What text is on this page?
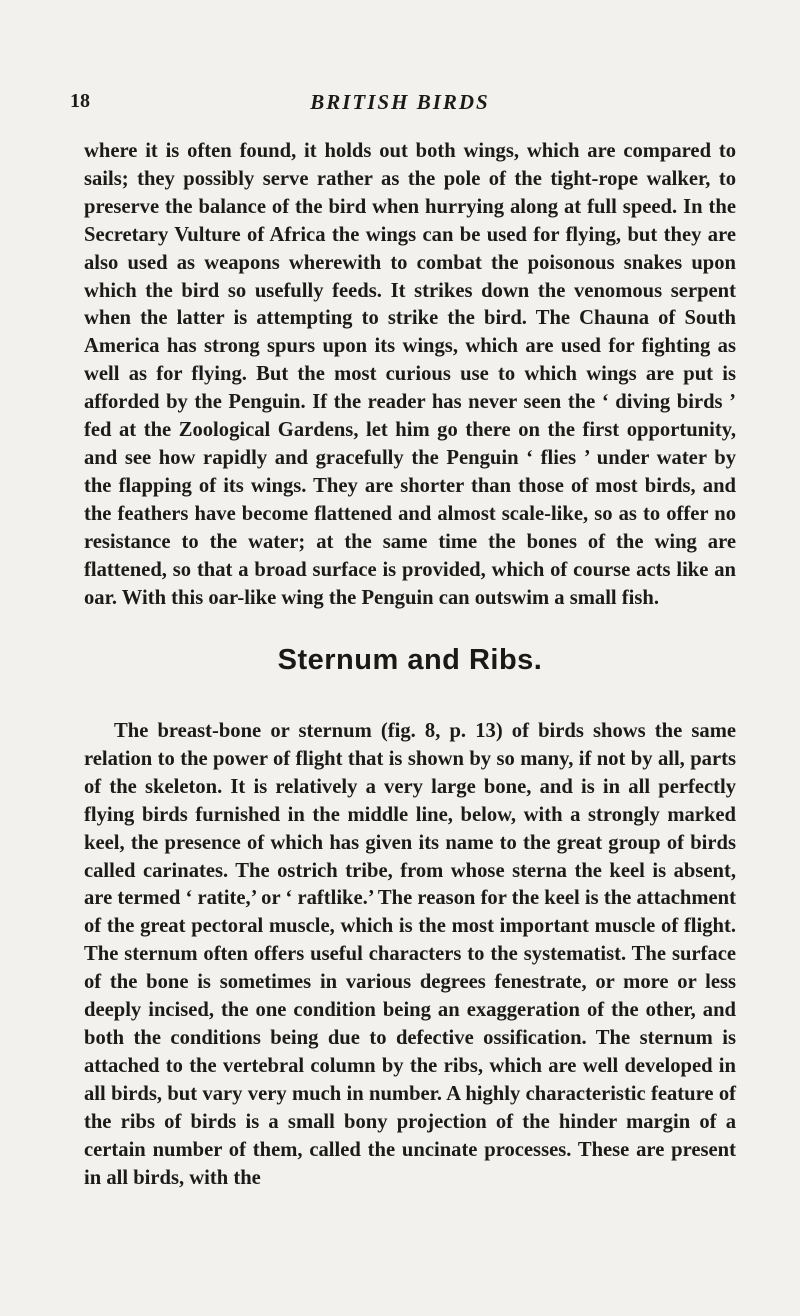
18	BRITISH BIRDS

where it is often found, it holds out both wings, which are compared to sails; they possibly serve rather as the pole of the tight-rope walker, to preserve the balance of the bird when hurrying along at full speed. In the Secretary Vulture of Africa the wings can be used for flying, but they are also used as weapons wherewith to combat the poisonous snakes upon which the bird so usefully feeds. It strikes down the venomous serpent when the latter is attempting to strike the bird. The Chauna of South America has strong spurs upon its wings, which are used for fighting as well as for flying. But the most curious use to which wings are put is afforded by the Penguin. If the reader has never seen the ‘ diving birds ’ fed at the Zoological Gardens, let him go there on the first opportunity, and see how rapidly and gracefully the Penguin ‘ flies ’ under water by the flapping of its wings. They are shorter than those of most birds, and the feathers have become flattened and almost scale-like, so as to offer no resistance to the water; at the same time the bones of the wing are flattened, so that a broad surface is provided, which of course acts like an oar. With this oar-like wing the Penguin can outswim a small fish.

Sternum and Ribs.

The breast-bone or sternum (fig. 8, p. 13) of birds shows the same relation to the power of flight that is shown by so many, if not by all, parts of the skeleton. It is relatively a very large bone, and is in all perfectly flying birds furnished in the middle line, below, with a strongly marked keel, the presence of which has given its name to the great group of birds called carinates. The ostrich tribe, from whose sterna the keel is absent, are termed ‘ ratite,’ or ‘ raftlike.’ The reason for the keel is the attachment of the great pectoral muscle, which is the most important muscle of flight. The sternum often offers useful characters to the systematist. The surface of the bone is sometimes in various degrees fenestrate, or more or less deeply incised, the one condition being an exaggeration of the other, and both the conditions being due to defective ossification. The sternum is attached to the vertebral column by the ribs, which are well developed in all birds, but vary very much in number. A highly characteristic feature of the ribs of birds is a small bony projection of the hinder margin of a certain number of them, called the uncinate processes. These are present in all birds, with the
